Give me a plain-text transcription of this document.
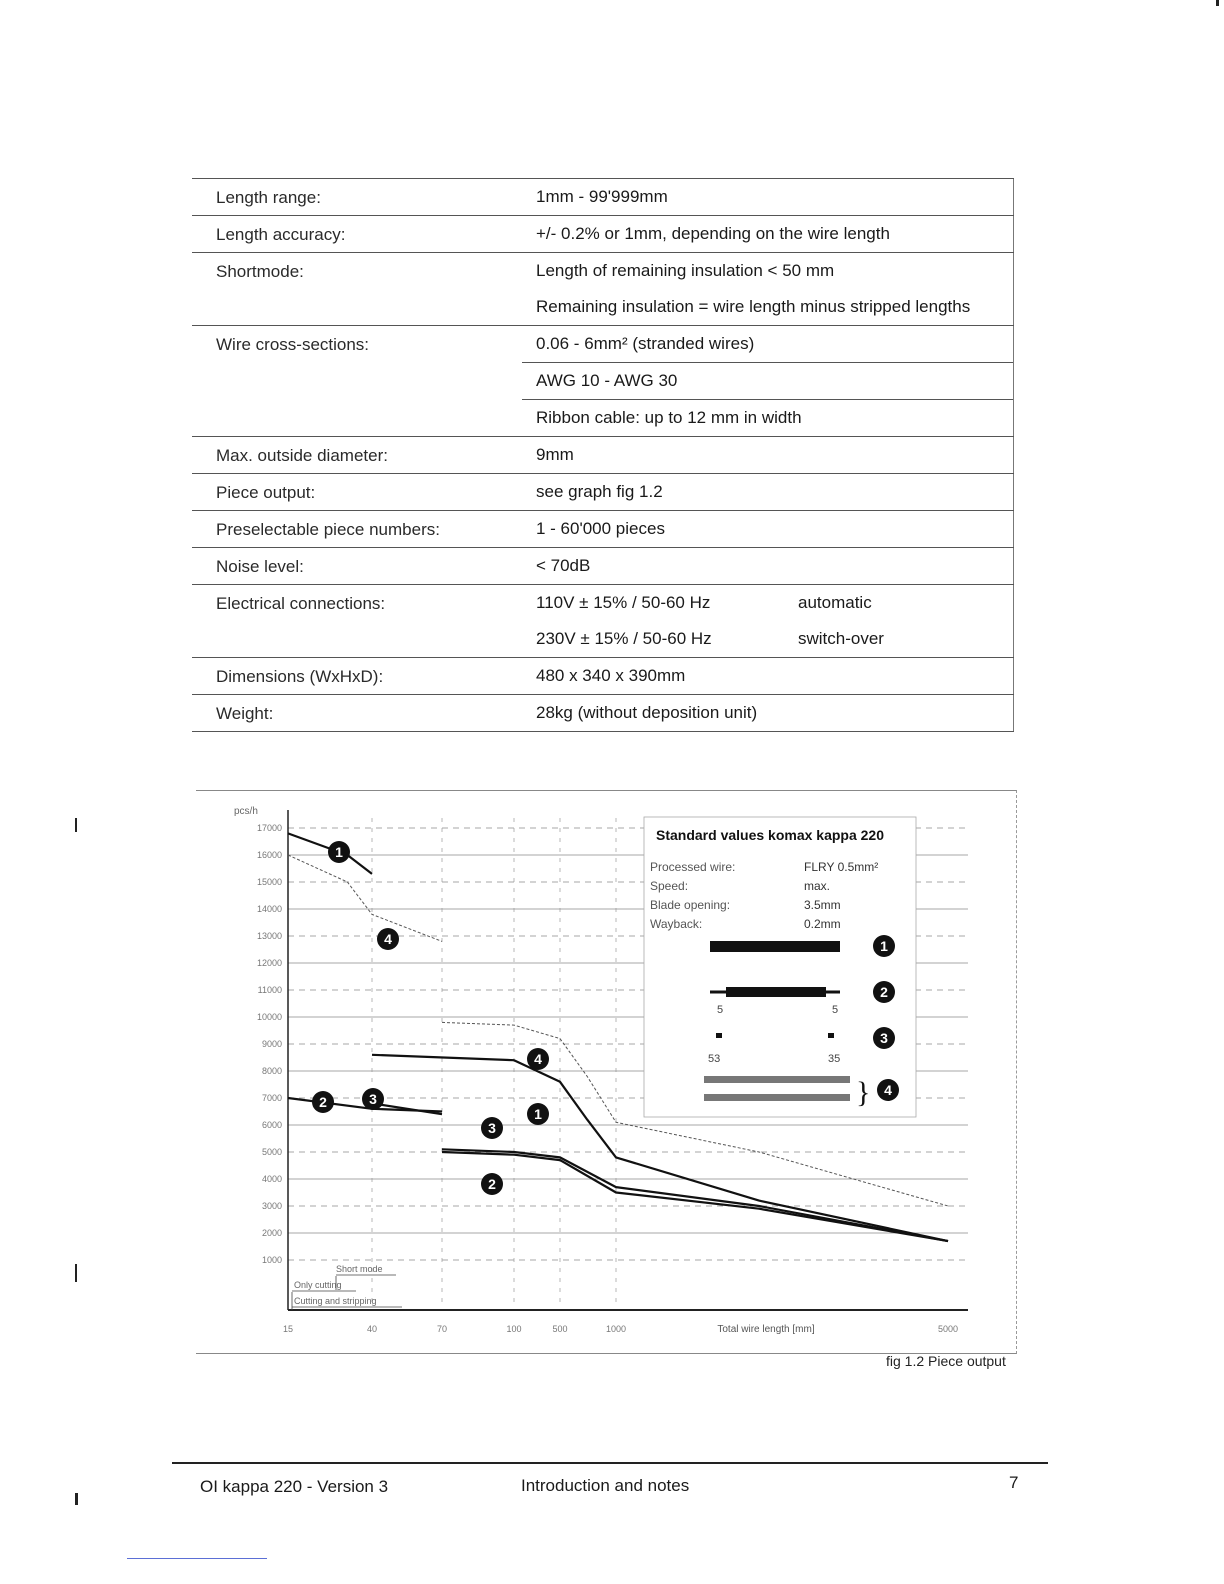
Length range:	1mm - 99'999mm
Length accuracy:	+/- 0.2% or 1mm, depending on the wire length
Shortmode:	Length of remaining insulation < 50 mm
Remaining insulation = wire length minus stripped lengths
Wire cross-sections:	0.06 - 6mm² (stranded wires)
AWG 10 - AWG 30
Ribbon cable: up to 12 mm in width
Max. outside diameter:	9mm
Piece output:	see graph fig 1.2
Preselectable piece numbers:	1 - 60'000 pieces
Noise level:	< 70dB
Electrical connections:	110V ± 15% / 50-60 Hz	automatic
230V ± 15% / 50-60 Hz	switch-over
Dimensions (WxHxD):	480 x 340 x 390mm
Weight:	28kg (without deposition unit)
1000
2000
3000
4000
5000
6000
7000
8000
9000
10000
11000
12000
13000
14000
15000
16000
17000
pcs/h
15	40	70	100	500	1000	5000
Total wire length [mm]
Short mode
Only cutting
Cutting and stripping
1
4
2	3
4
1
3
2
Standard values komax kappa 220
Processed wire:	FLRY 0.5mm²
Speed:	max.
Blade opening:	3.5mm
Wayback:	0.2mm
1
2
5	5
3
53	35
} 4
fig 1.2 Piece output
OI kappa 220 - Version 3	Introduction and notes	7
